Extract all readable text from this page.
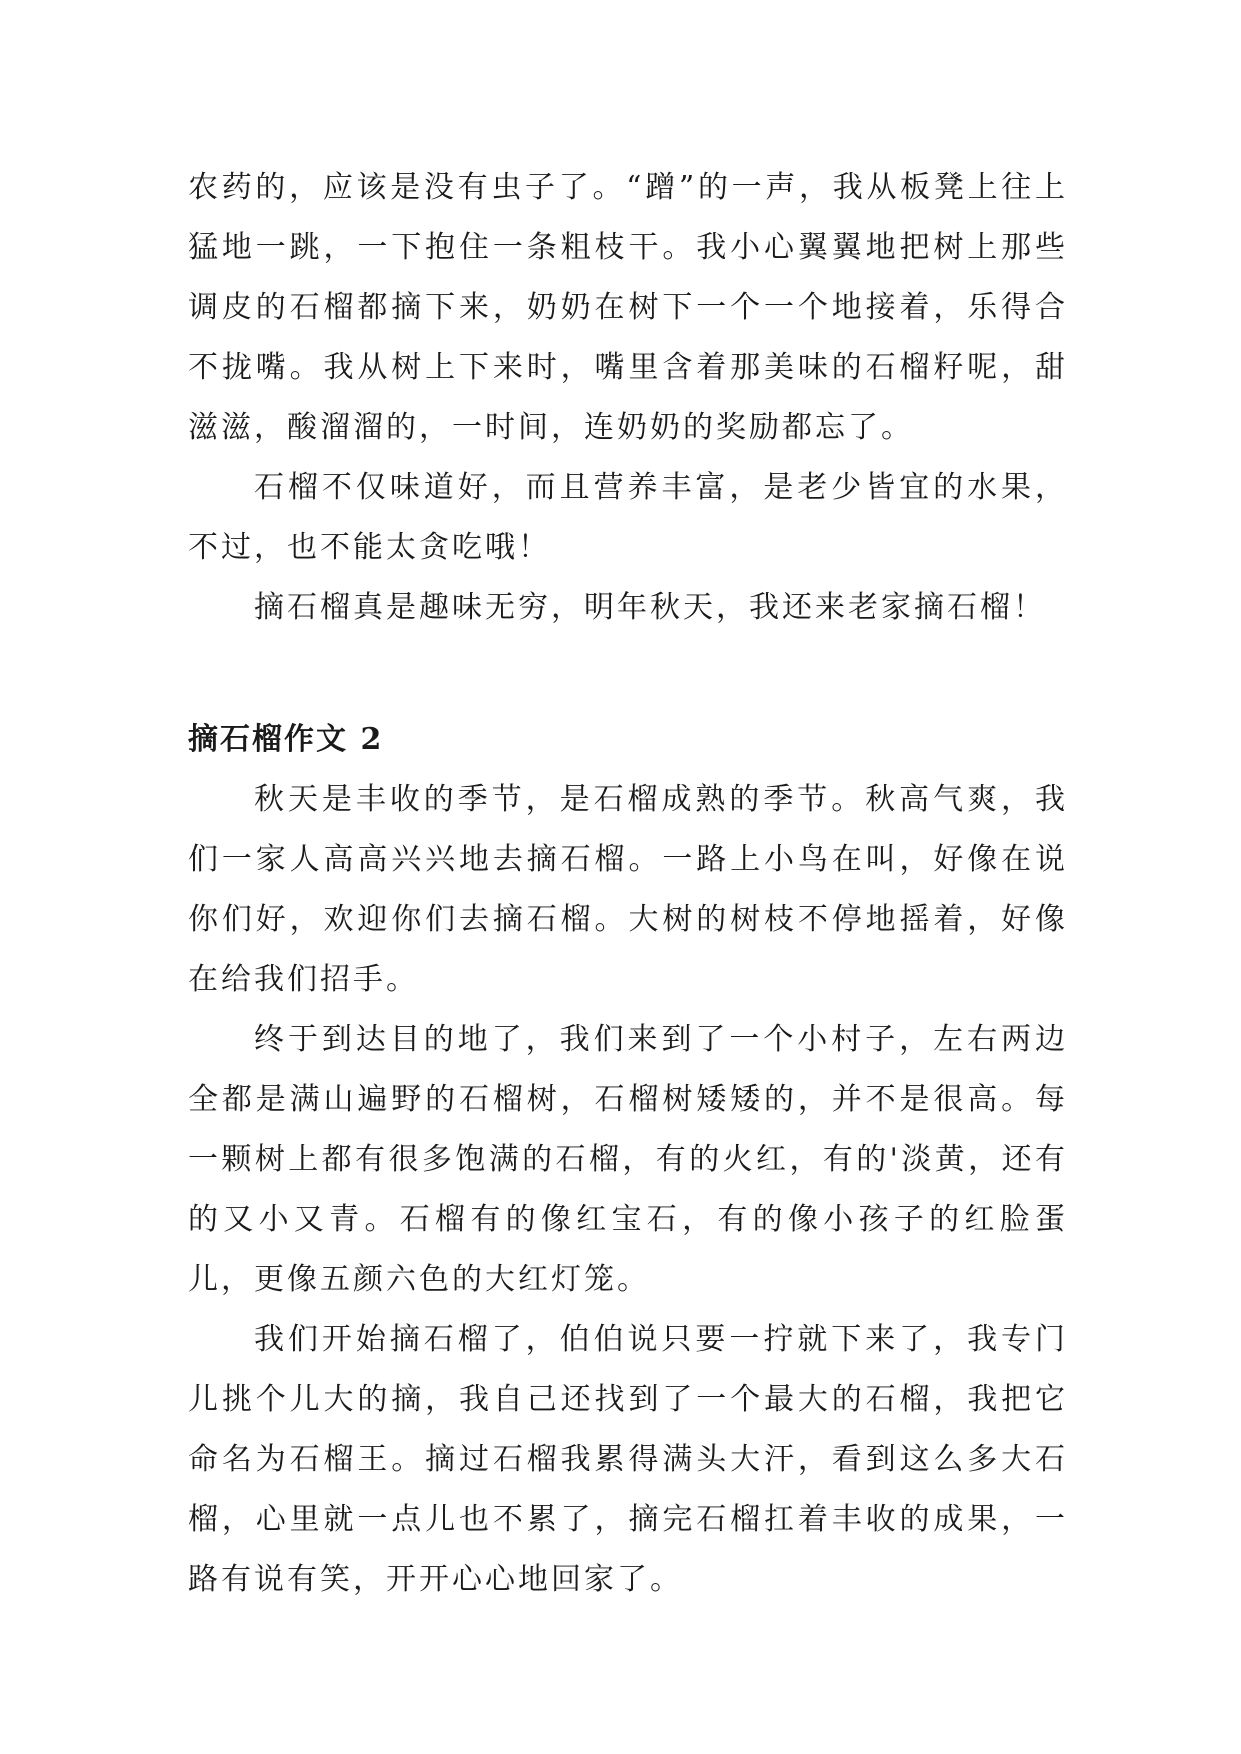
农药的，应该是没有虫子了。“蹭”的一声，我从板凳上往上猛地一跳，一下抱住一条粗枝干。我小心翼翼地把树上那些调皮的石榴都摘下来，奶奶在树下一个一个地接着，乐得合不拢嘴。我从树上下来时，嘴里含着那美味的石榴籽呢，甜滋滋，酸溜溜的，一时间，连奶奶的奖励都忘了。

石榴不仅味道好，而且营养丰富，是老少皆宜的水果，不过，也不能太贪吃哦！

摘石榴真是趣味无穷，明年秋天，我还来老家摘石榴！

摘石榴作文 2

秋天是丰收的季节，是石榴成熟的季节。秋高气爽，我们一家人高高兴兴地去摘石榴。一路上小鸟在叫，好像在说你们好，欢迎你们去摘石榴。大树的树枝不停地摇着，好像在给我们招手。

终于到达目的地了，我们来到了一个小村子，左右两边全都是满山遍野的石榴树，石榴树矮矮的，并不是很高。每一颗树上都有很多饱满的石榴，有的火红，有的'淡黄，还有的又小又青。石榴有的像红宝石，有的像小孩子的红脸蛋儿，更像五颜六色的大红灯笼。

我们开始摘石榴了，伯伯说只要一拧就下来了，我专门儿挑个儿大的摘，我自己还找到了一个最大的石榴，我把它命名为石榴王。摘过石榴我累得满头大汗，看到这么多大石榴，心里就一点儿也不累了，摘完石榴扛着丰收的成果，一路有说有笑，开开心心地回家了。
